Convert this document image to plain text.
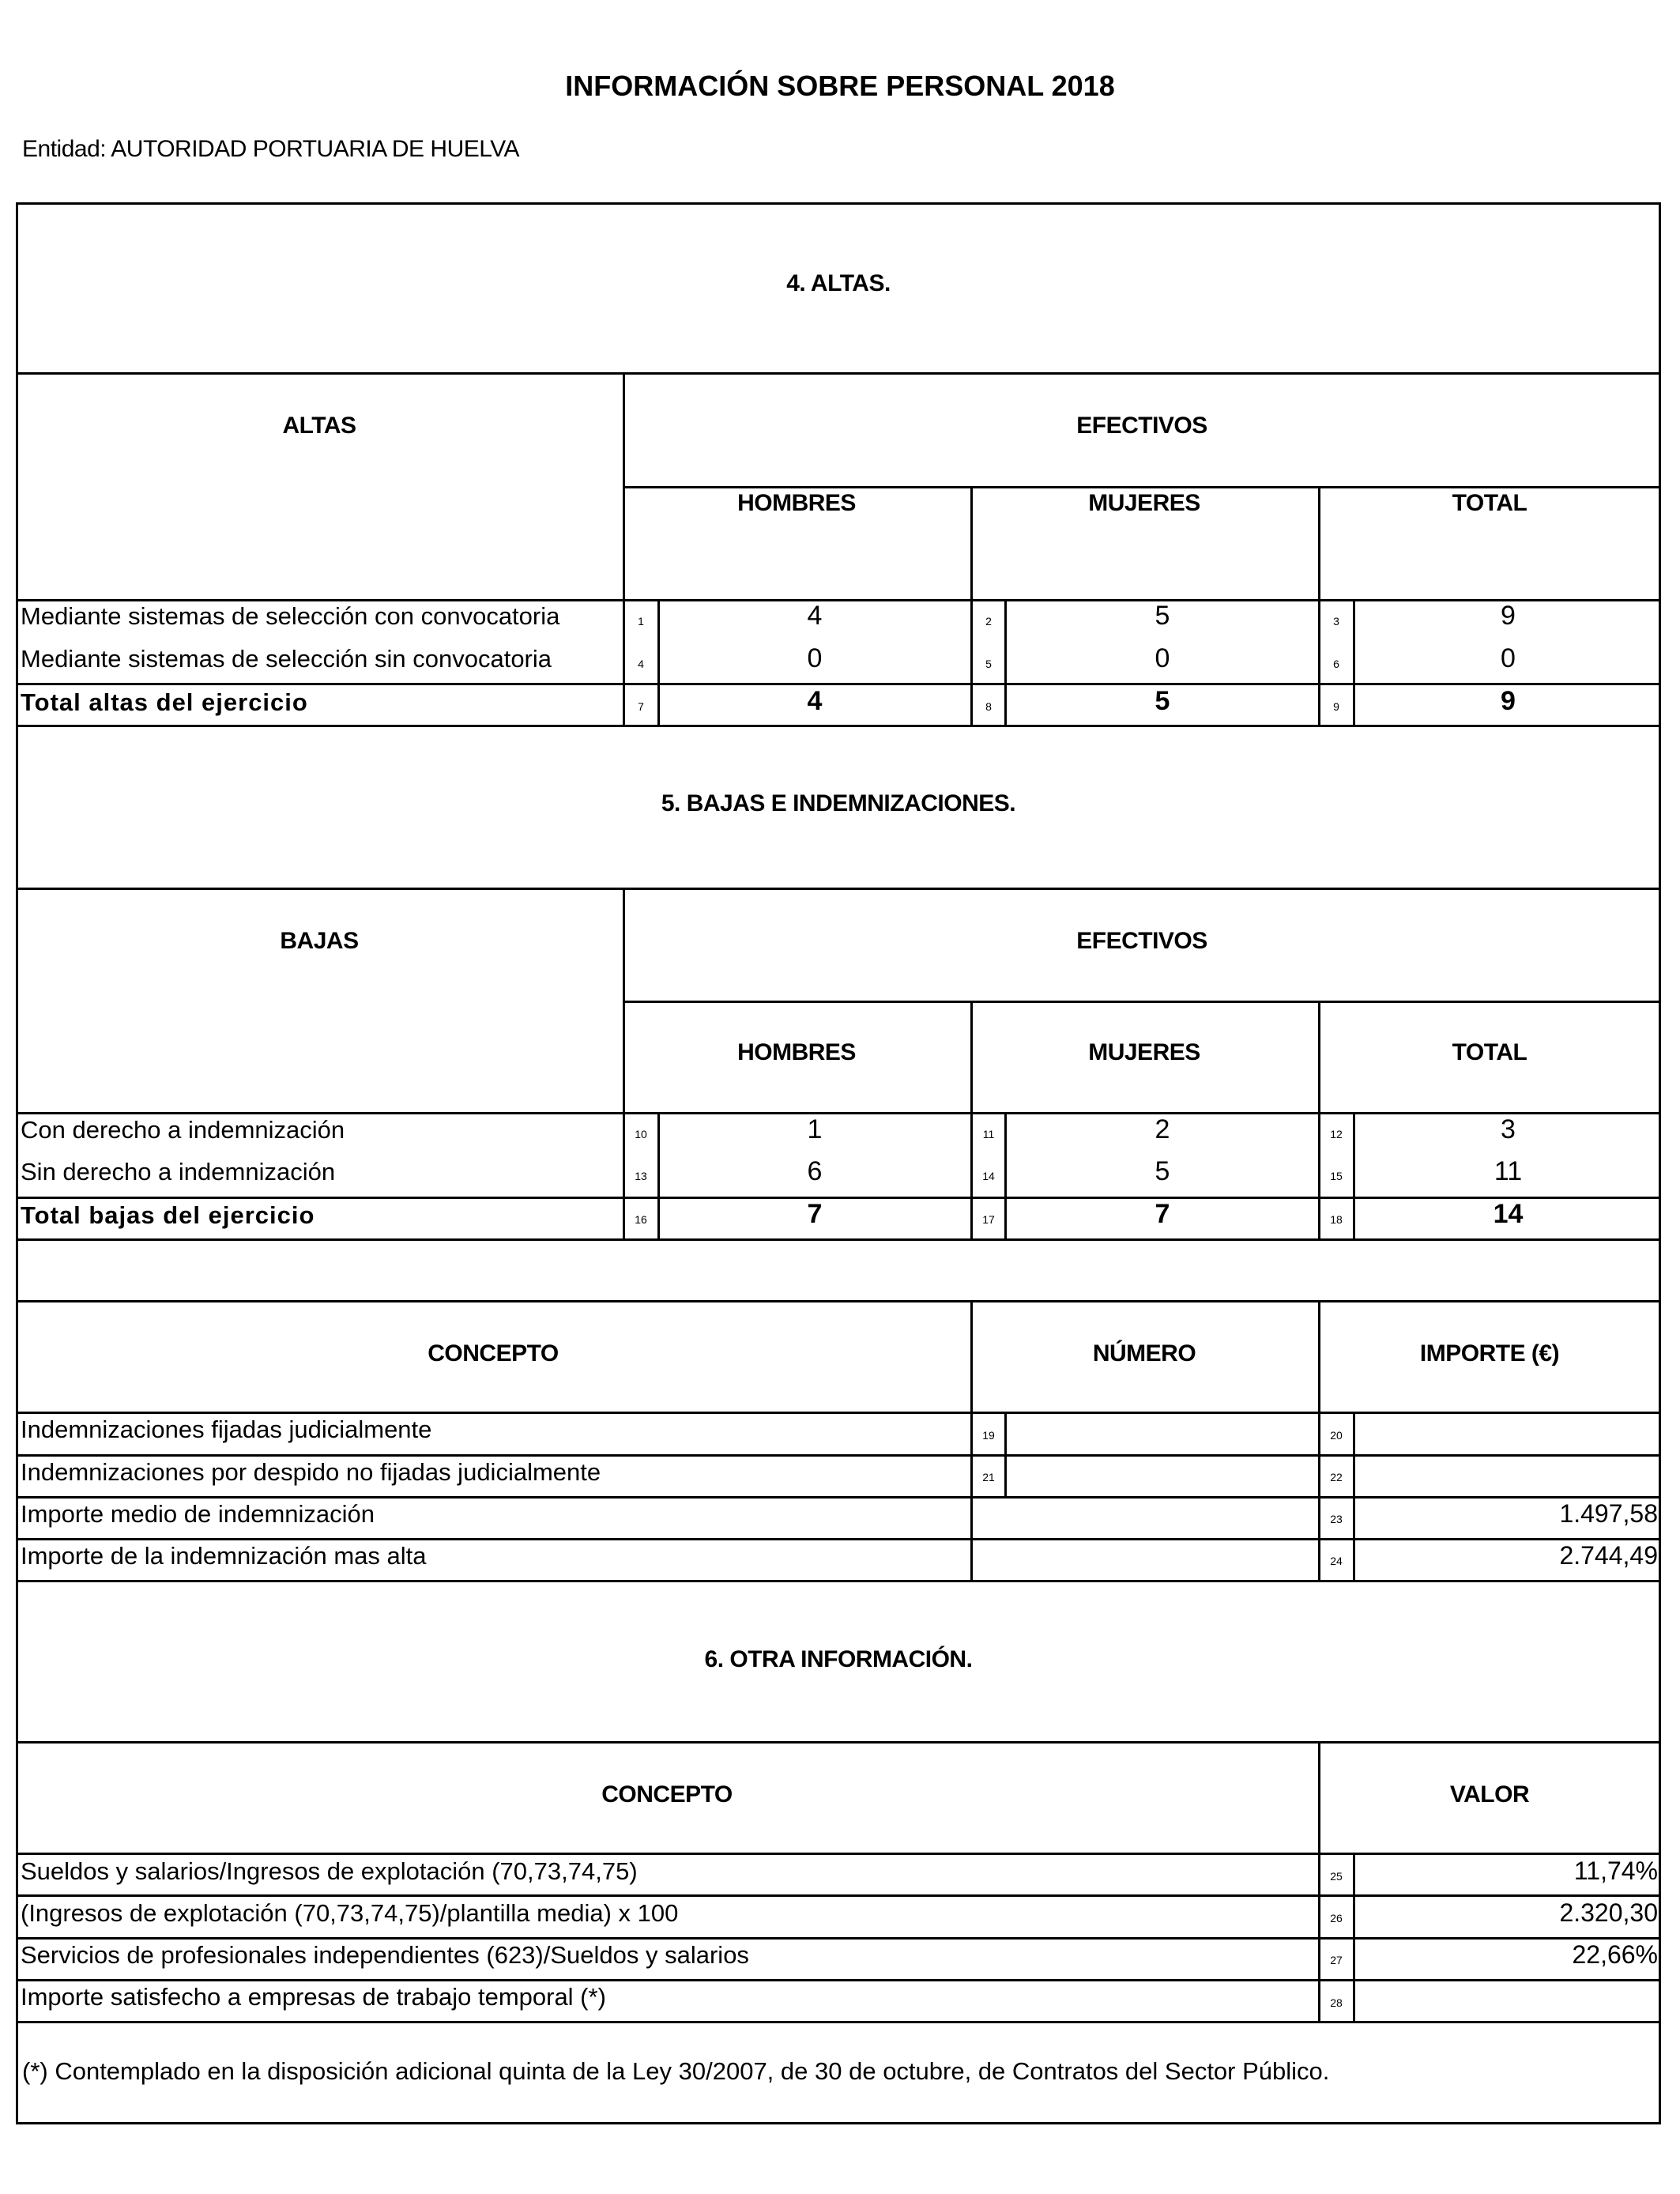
INFORMACIÓN SOBRE PERSONAL 2018
Entidad: AUTORIDAD PORTUARIA DE HUELVA
4. ALTAS.
ALTAS	EFECTIVOS
HOMBRES	MUJERES	TOTAL
Mediante sistemas de selección con convocatoria	1	4	2	5	3	9
Mediante sistemas de selección sin convocatoria	4	0	5	0	6	0
Total altas del ejercicio	7	4	8	5	9	9
5. BAJAS E INDEMNIZACIONES.
BAJAS	EFECTIVOS
HOMBRES	MUJERES	TOTAL
Con derecho a indemnización	10	1	11	2	12	3
Sin derecho a indemnización	13	6	14	5	15	11
Total bajas del ejercicio	16	7	17	7	18	14
CONCEPTO	NÚMERO	IMPORTE (€)
Indemnizaciones fijadas judicialmente	19	20
Indemnizaciones por despido no fijadas judicialmente	21	22
Importe medio de indemnización	23	1.497,58
Importe de la indemnización mas alta	24	2.744,49
6. OTRA INFORMACIÓN.
CONCEPTO	VALOR
Sueldos y salarios/Ingresos de explotación (70,73,74,75)	25	11,74%
(Ingresos de explotación (70,73,74,75)/plantilla media) x 100	26	2.320,30
Servicios de profesionales independientes (623)/Sueldos y salarios	27	22,66%
Importe satisfecho a empresas de trabajo temporal (*)	28
(*) Contemplado en la disposición adicional quinta de la Ley 30/2007, de 30 de octubre, de Contratos del Sector Público.
